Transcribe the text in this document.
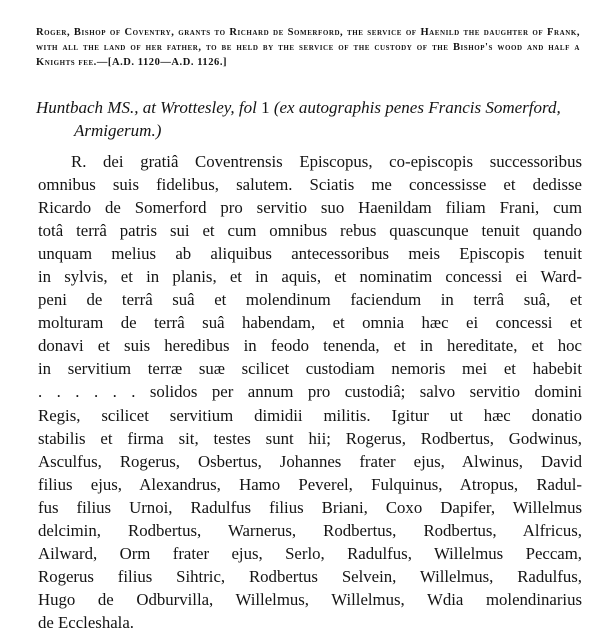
Roger, Bishop of Coventry, grants to Richard de Somerford, the service of Haenild the daughter of Frank, with all the land of her father, to be held by the service of the custody of the Bishop's wood and half a Knights fee.—[A.D. 1120—A.D. 1126.]
Huntbach MS., at Wrottesley, fol 1 (ex autographis penes Francis Somerford, Armigerum.)
R. dei gratiâ Coventrensis Episcopus, co-episcopis successoribus
omnibus suis fidelibus, salutem. Sciatis me concessisse et dedisse
Ricardo de Somerford pro servitio suo Haenildam filiam Frani, cum
totâ terrâ patris sui et cum omnibus rebus quascunque tenuit quando
unquam melius ab aliquibus antecessoribus meis Episcopis tenuit
in sylvis, et in planis, et in aquis, et nominatim concessi ei Ward-
peni de terrâ suâ et molendinum faciendum in terrâ suâ, et
molturam de terrâ suâ habendam, et omnia hæc ei concessi et
donavi et suis heredibus in feodo tenenda, et in hereditate, et hoc
in servitium terræ suæ scilicet custodiam nemoris mei et habebit
. . . . . . solidos per annum pro custodiâ; salvo servitio domini
Regis, scilicet servitium dimidii militis. Igitur ut hæc donatio
stabilis et firma sit, testes sunt hii; Rogerus, Rodbertus, Godwinus,
Asculfus, Rogerus, Osbertus, Johannes frater ejus, Alwinus, David
filius ejus, Alexandrus, Hamo Peverel, Fulquinus, Atropus, Radul-
fus filius Urnoi, Radulfus filius Briani, Coxo Dapifer, Willelmus
delcimin, Rodbertus, Warnerus, Rodbertus, Rodbertus, Alfricus,
Ailward, Orm frater ejus, Serlo, Radulfus, Willelmus Peccam,
Rogerus filius Sihtric, Rodbertus Selvein, Willelmus, Radulfus,
Hugo de Odburvilla, Willelmus, Willelmus, Wdia molendinarius
de Eccleshala.
